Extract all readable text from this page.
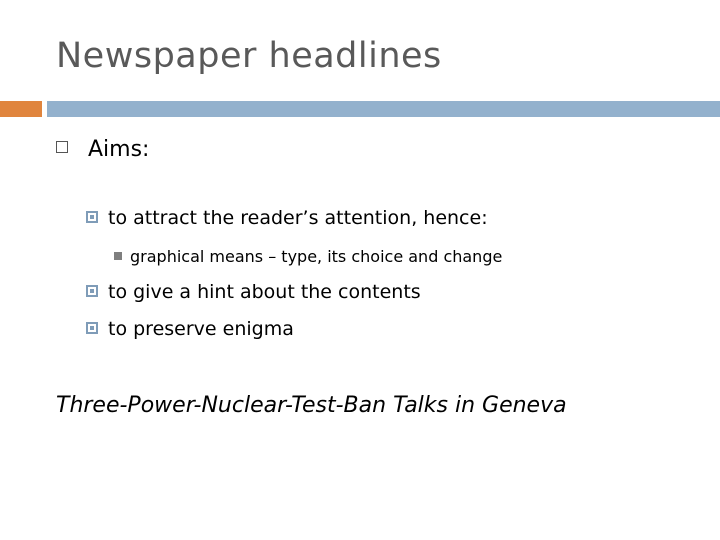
Newspaper headlines
Aims:
to attract the reader’s attention, hence:
graphical means – type, its choice and change
to give a hint about the contents
to preserve enigma
Three-Power-Nuclear-Test-Ban Talks in Geneva
